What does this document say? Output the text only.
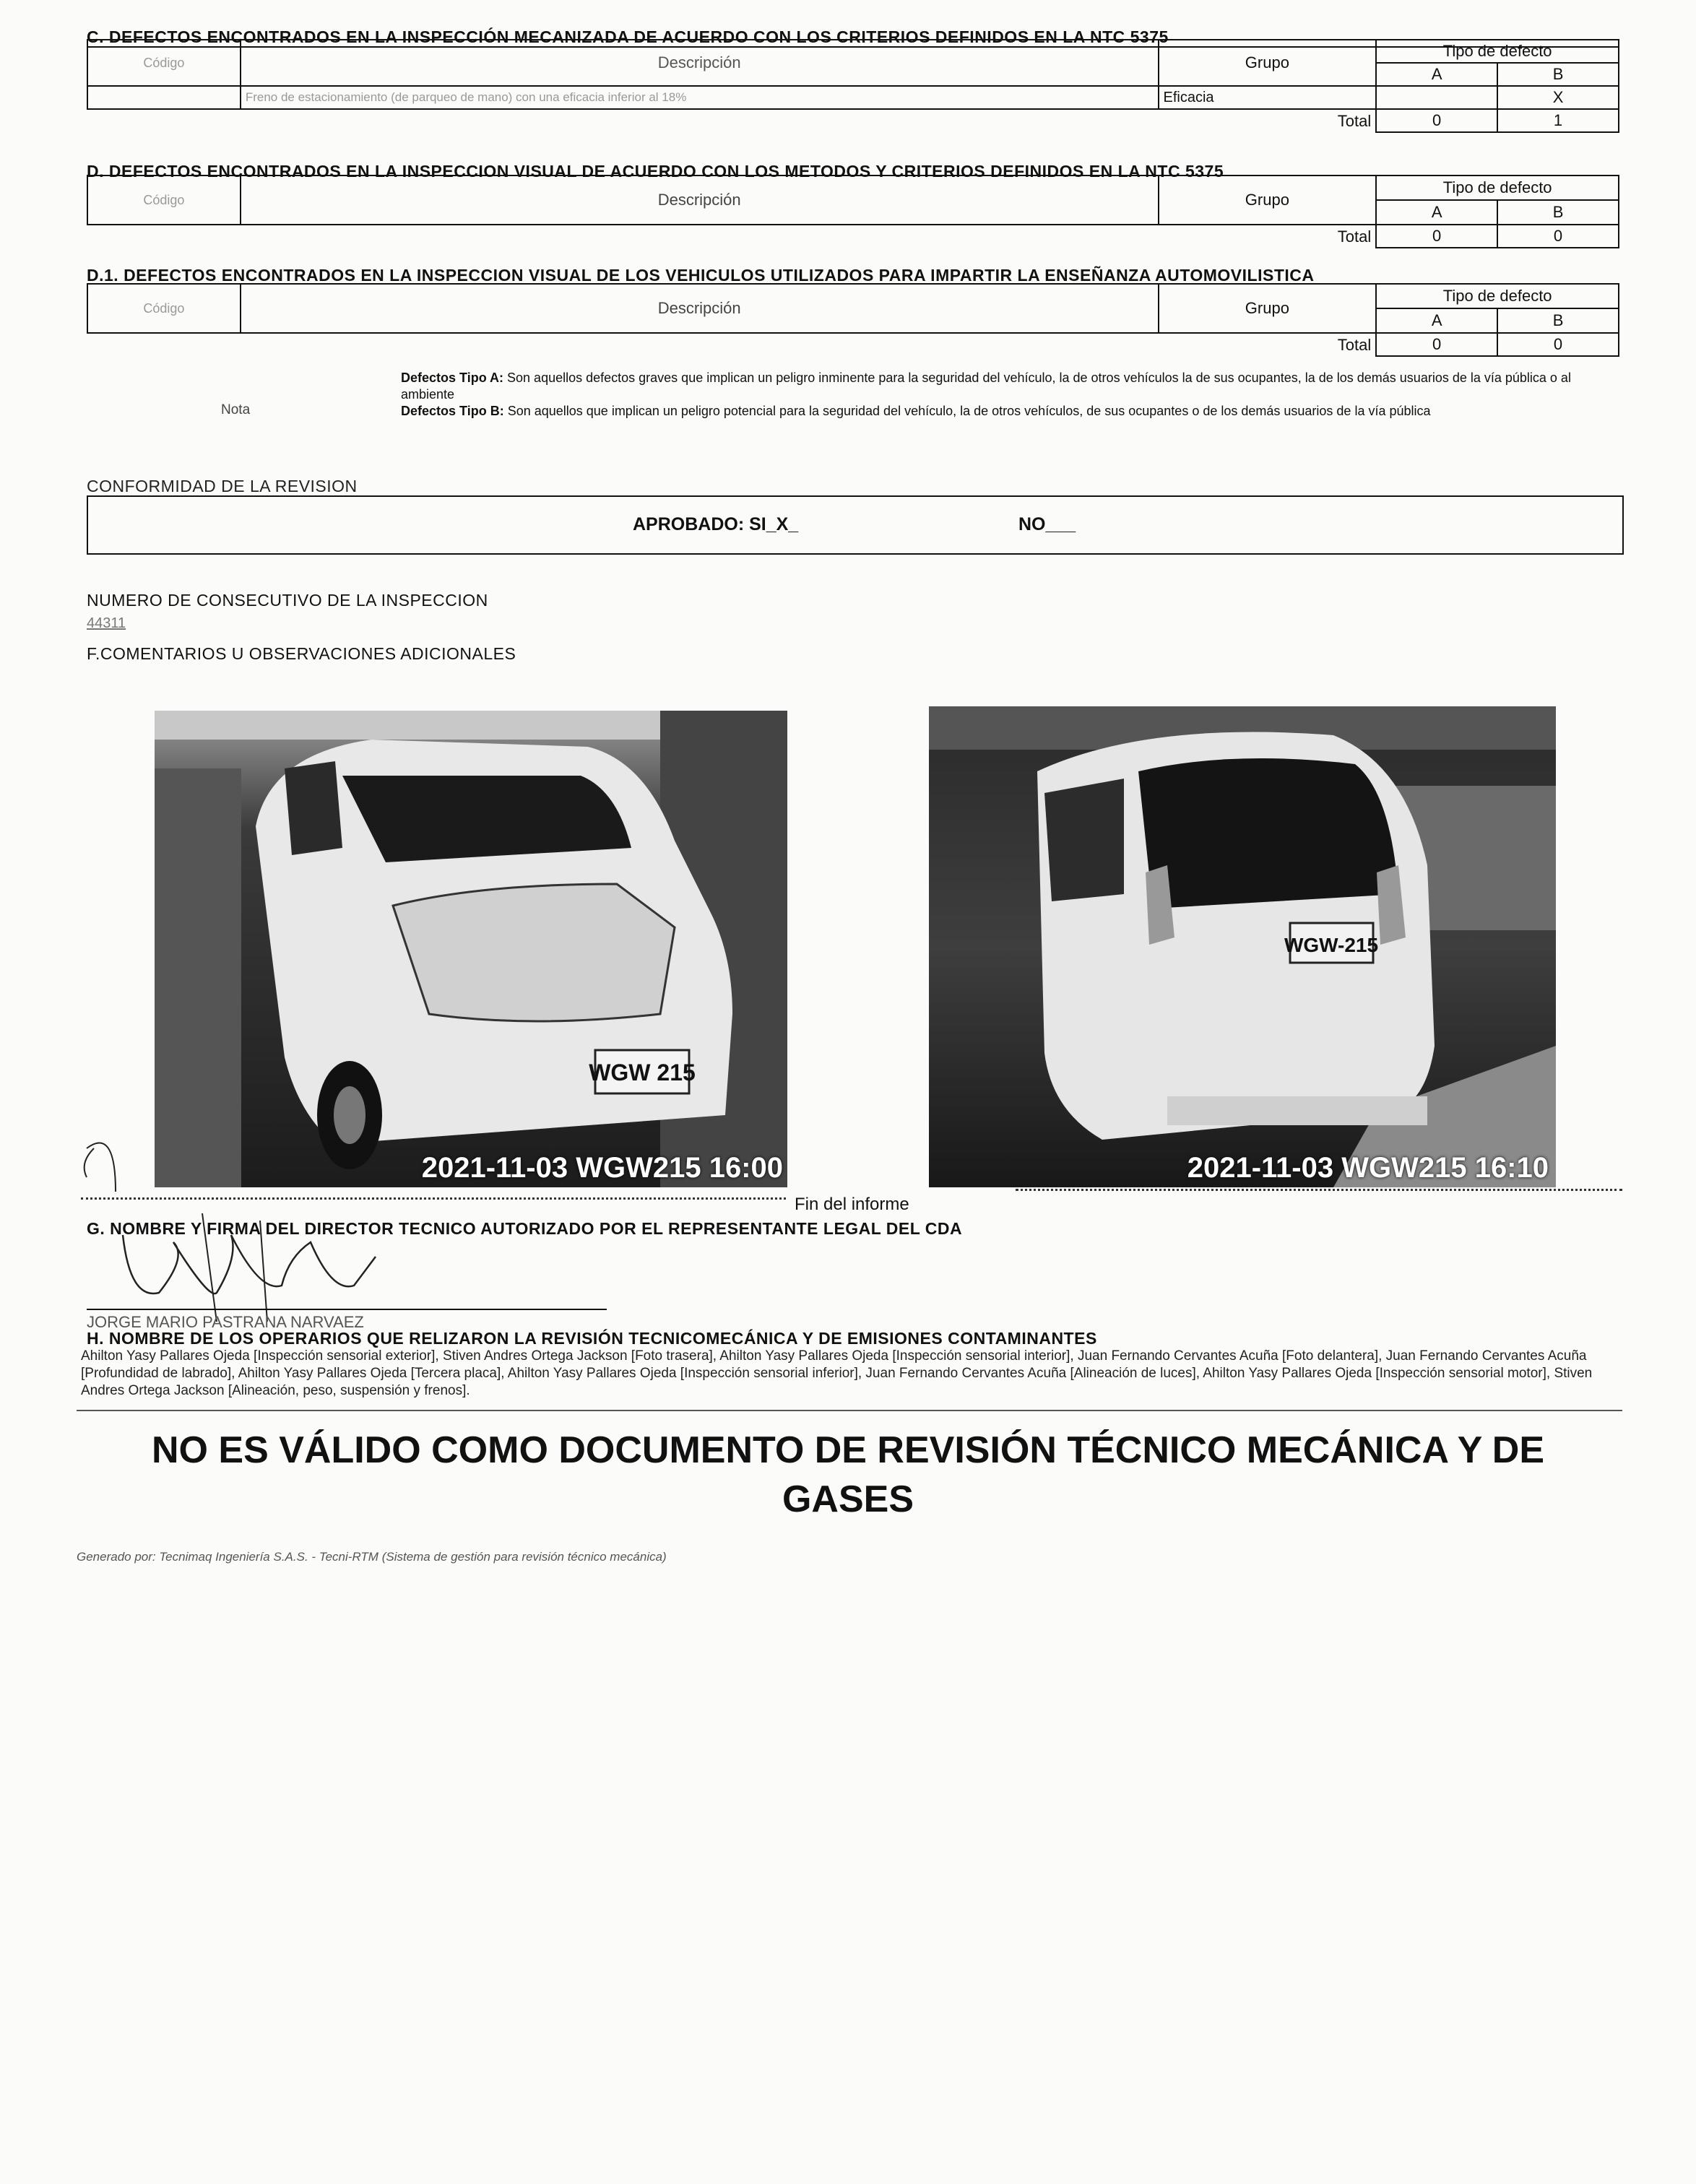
C. DEFECTOS ENCONTRADOS EN LA INSPECCIÓN MECANIZADA DE ACUERDO CON LOS CRITERIOS DEFINIDOS EN LA NTC 5375
Código	Descripción	Grupo	Tipo de defecto	
			A	B
	Freno de estacionamiento (de parqueo de mano) con una eficacia inferior al 18%	Eficacia		X
Total			0	1
D. DEFECTOS ENCONTRADOS EN LA INSPECCION VISUAL DE ACUERDO CON LOS METODOS Y CRITERIOS DEFINIDOS EN LA NTC 5375
Código	Descripción	Grupo	Tipo de defecto	
			A	B
Total			0	0
D.1. DEFECTOS ENCONTRADOS EN LA INSPECCION VISUAL DE LOS VEHICULOS UTILIZADOS PARA IMPARTIR LA ENSEÑANZA AUTOMOVILISTICA
Código	Descripción	Grupo	Tipo de defecto	
			A	B
Total			0	0
Nota
Defectos Tipo A: Son aquellos defectos graves que implican un peligro inminente para la seguridad del vehículo, la de otros vehículos la de sus ocupantes, la de los demás usuarios de la vía pública o al ambiente
Defectos Tipo B: Son aquellos que implican un peligro potencial para la seguridad del vehículo, la de otros vehículos, de sus ocupantes o de los demás usuarios de la vía pública
CONFORMIDAD DE LA REVISION
APROBADO: SI_X_	NO___
NUMERO DE CONSECUTIVO DE LA INSPECCION
44311
F.COMENTARIOS U OBSERVACIONES ADICIONALES
WGW 215
2021-11-03 WGW215 16:00
WGW-215
2021-11-03 WGW215 16:10
Fin del informe
G. NOMBRE Y FIRMA DEL DIRECTOR TECNICO AUTORIZADO POR EL REPRESENTANTE LEGAL DEL CDA
JORGE MARIO PASTRANA NARVAEZ
H. NOMBRE DE LOS OPERARIOS QUE RELIZARON LA REVISIÓN TECNICOMECÁNICA Y DE EMISIONES CONTAMINANTES
Ahilton Yasy Pallares Ojeda [Inspección sensorial exterior], Stiven Andres Ortega Jackson [Foto trasera], Ahilton Yasy Pallares Ojeda [Inspección sensorial interior], Juan Fernando Cervantes Acuña [Foto delantera], Juan Fernando Cervantes Acuña [Profundidad de labrado], Ahilton Yasy Pallares Ojeda [Tercera placa], Ahilton Yasy Pallares Ojeda [Inspección sensorial inferior], Juan Fernando Cervantes Acuña [Alineación de luces], Ahilton Yasy Pallares Ojeda [Inspección sensorial motor], Stiven Andres Ortega Jackson [Alineación, peso, suspensión y frenos].
NO ES VÁLIDO COMO DOCUMENTO DE REVISIÓN TÉCNICO MECÁNICA Y DE
GASES
Generado por: Tecnimaq Ingeniería S.A.S. - Tecni-RTM (Sistema de gestión para revisión técnico mecánica)
